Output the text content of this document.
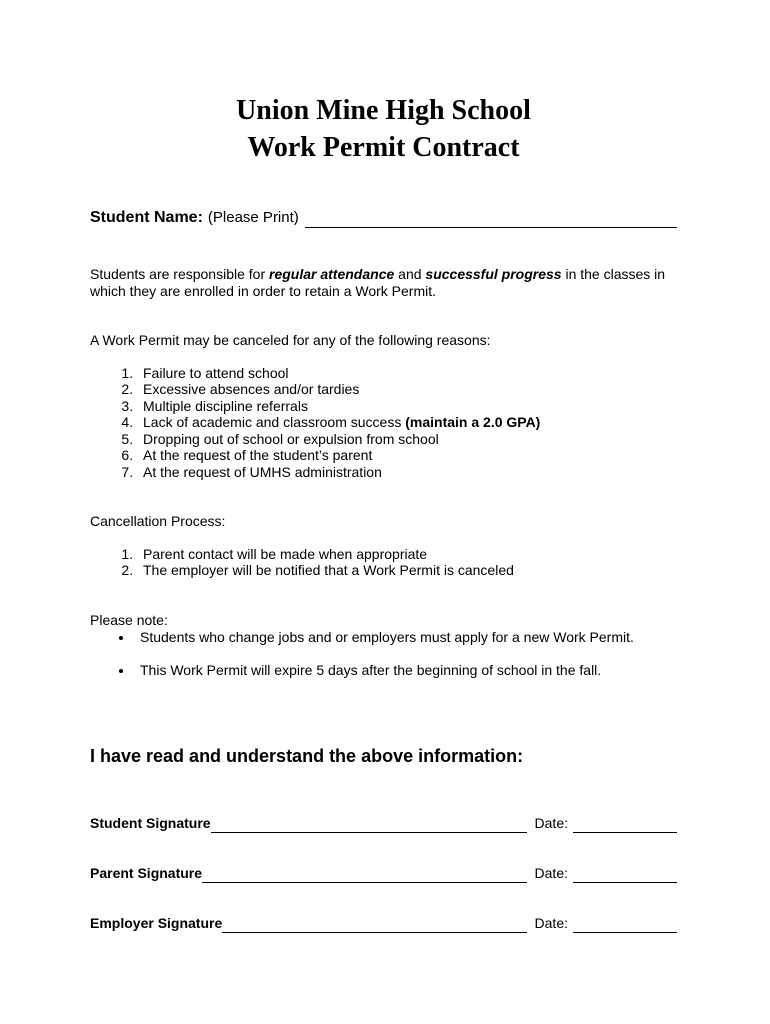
Union Mine High School
Work Permit Contract
Student Name: (Please Print)

Students are responsible for regular attendance and successful progress in the classes in which they are enrolled in order to retain a Work Permit.

A Work Permit may be canceled for any of the following reasons:

1. Failure to attend school
2. Excessive absences and/or tardies
3. Multiple discipline referrals
4. Lack of academic and classroom success (maintain a 2.0 GPA)
5. Dropping out of school or expulsion from school
6. At the request of the student’s parent
7. At the request of UMHS administration

Cancellation Process:

1. Parent contact will be made when appropriate
2. The employer will be notified that a Work Permit is canceled

Please note:

• Students who change jobs and or employers must apply for a new Work Permit.
• This Work Permit will expire 5 days after the beginning of school in the fall.

I have read and understand the above information:

Student Signature	Date:
Parent Signature	Date:
Employer Signature	Date:
